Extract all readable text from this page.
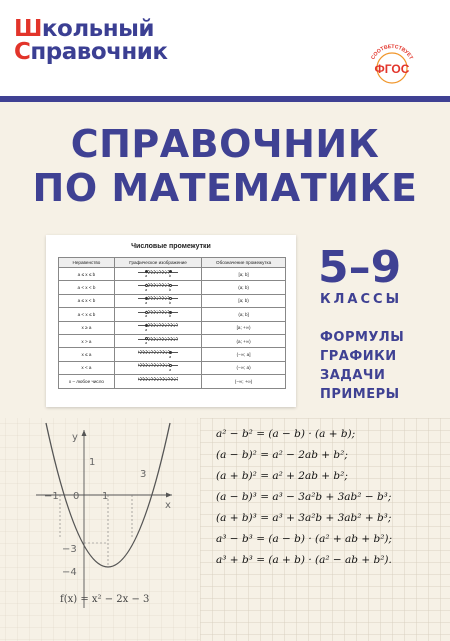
Школьный
Справочник	СООТВЕТСТВУЕТ
ФГОС
СПРАВОЧНИК
ПО МАТЕМАТИКЕ
Числовые промежутки
Неравенство	Графическое изображение	Обозначение промежутка
a ≤ x ≤ b	a b	[a; b]
a < x < b	a b	(a; b)
a ≤ x < b	a b	[a; b)
a < x ≤ b	a b	(a; b]
x ≥ a	a	[a; +∞)
x > a	a	(a; +∞)
x ≤ a	a	(−∞; a]
x < a	a	(−∞; a)
x – любое число		(−∞; +∞)
5–9
КЛАССЫ
ФОРМУЛЫ
ГРАФИКИ
ЗАДАЧИ
ПРИМЕРЫ
y
x
1
−1 0 1
3
−3
−4
f(x) = x² − 2x − 3
a² − b² = (a − b) · (a + b);
(a − b)² = a² − 2ab + b²;
(a + b)² = a² + 2ab + b²;
(a − b)³ = a³ − 3a²b + 3ab² − b³;
(a + b)³ = a³ + 3a²b + 3ab² + b³;
a³ − b³ = (a − b) · (a² + ab + b²);
a³ + b³ = (a + b) · (a² − ab + b²).
